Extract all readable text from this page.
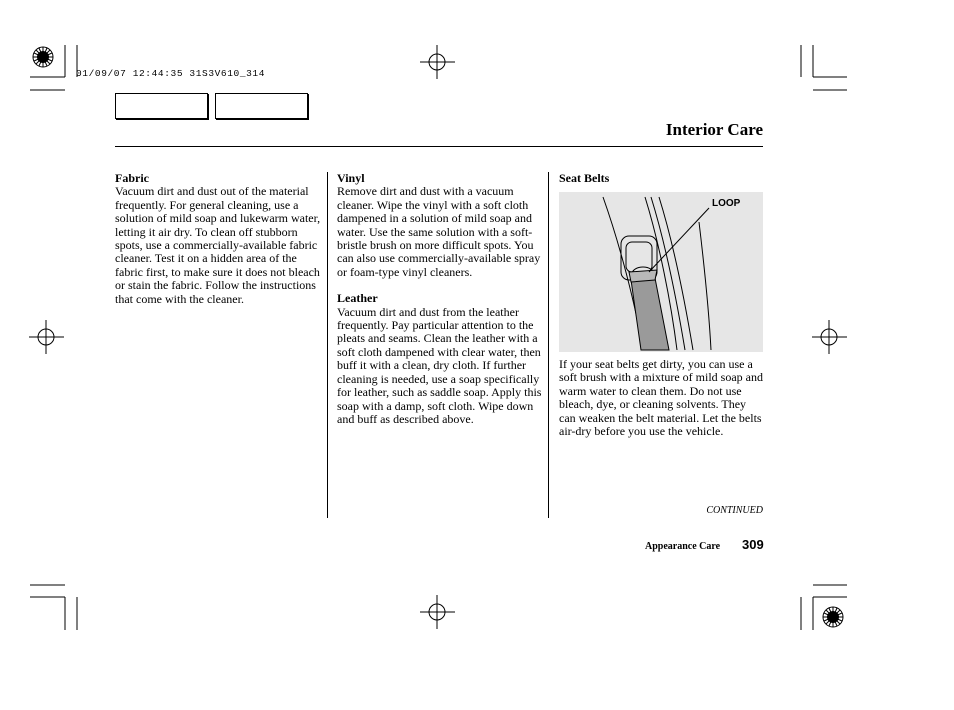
01/09/07 12:44:35 31S3V610_314
Interior Care
Fabric

Vacuum dirt and dust out of the material frequently. For general cleaning, use a solution of mild soap and lukewarm water, letting it air dry. To clean off stubborn spots, use a commercially-available fabric cleaner. Test it on a hidden area of the fabric first, to make sure it does not bleach or stain the fabric. Follow the instructions that come with the cleaner.

Vinyl

Remove dirt and dust with a vacuum cleaner. Wipe the vinyl with a soft cloth dampened in a solution of mild soap and water. Use the same solution with a soft-bristle brush on more difficult spots. You can also use commercially-available spray or foam-type vinyl cleaners.

Leather

Vacuum dirt and dust from the leather frequently. Pay particular attention to the pleats and seams. Clean the leather with a soft cloth dampened with clear water, then buff it with a clean, dry cloth. If further cleaning is needed, use a soap specifically for leather, such as saddle soap. Apply this soap with a damp, soft cloth. Wipe down and buff as described above.

Seat Belts
LOOP

If your seat belts get dirty, you can use a soft brush with a mixture of mild soap and warm water to clean them. Do not use bleach, dye, or cleaning solvents. They can weaken the belt material. Let the belts air-dry before you use the vehicle.

CONTINUED
Appearance Care 309
